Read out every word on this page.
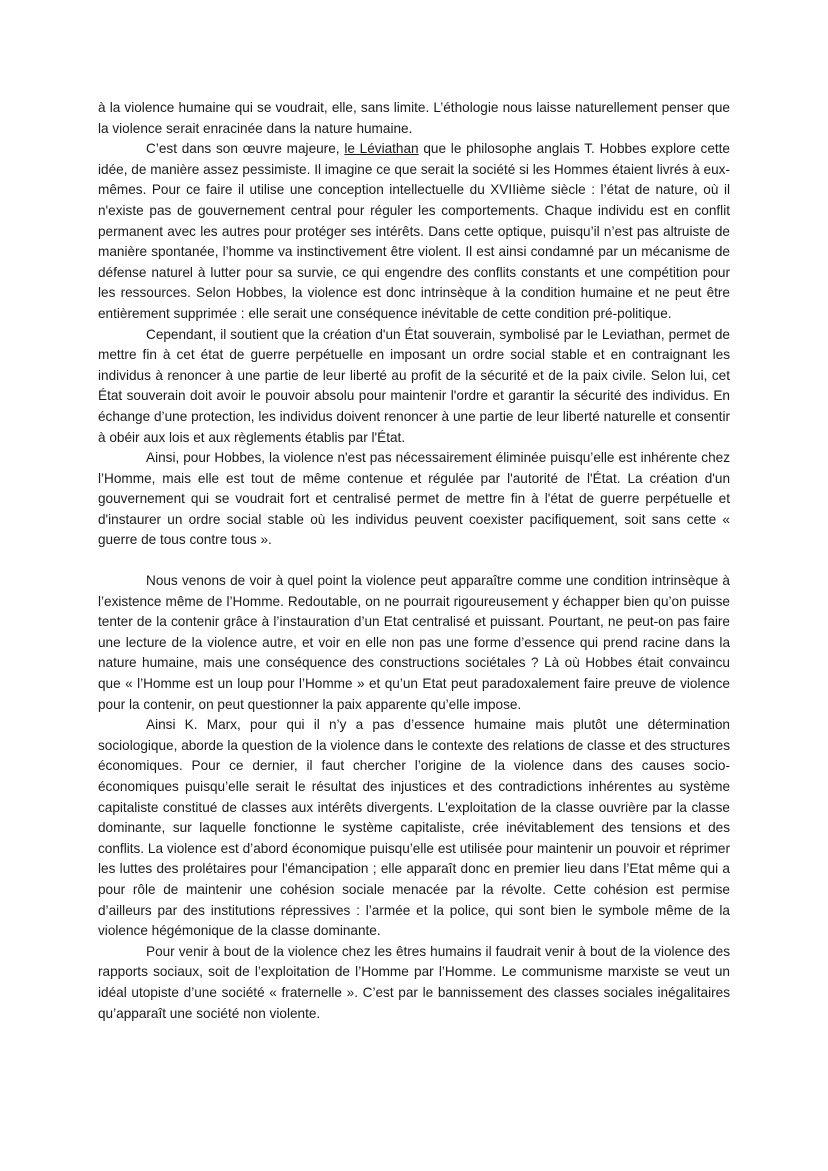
à la violence humaine qui se voudrait, elle, sans limite. L’éthologie nous laisse naturellement penser que la violence serait enracinée dans la nature humaine.

C’est dans son œuvre majeure, le Léviathan que le philosophe anglais T. Hobbes explore cette idée, de manière assez pessimiste. Il imagine ce que serait la société si les Hommes étaient livrés à eux-mêmes. Pour ce faire il utilise une conception intellectuelle du XVIIième siècle : l’état de nature, où il n'existe pas de gouvernement central pour réguler les comportements. Chaque individu est en conflit permanent avec les autres pour protéger ses intérêts. Dans cette optique, puisqu’il n’est pas altruiste de manière spontanée, l’homme va instinctivement être violent. Il est ainsi condamné par un mécanisme de défense naturel à lutter pour sa survie, ce qui engendre des conflits constants et une compétition pour les ressources. Selon Hobbes, la violence est donc intrinsèque à la condition humaine et ne peut être entièrement supprimée : elle serait une conséquence inévitable de cette condition pré-politique.

Cependant, il soutient que la création d'un État souverain, symbolisé par le Leviathan, permet de mettre fin à cet état de guerre perpétuelle en imposant un ordre social stable et en contraignant les individus à renoncer à une partie de leur liberté au profit de la sécurité et de la paix civile. Selon lui, cet État souverain doit avoir le pouvoir absolu pour maintenir l'ordre et garantir la sécurité des individus. En échange d’une protection, les individus doivent renoncer à une partie de leur liberté naturelle et consentir à obéir aux lois et aux règlements établis par l'État.

Ainsi, pour Hobbes, la violence n'est pas nécessairement éliminée puisqu’elle est inhérente chez l’Homme, mais elle est tout de même contenue et régulée par l'autorité de l'État. La création d'un gouvernement qui se voudrait fort et centralisé permet de mettre fin à l'état de guerre perpétuelle et d'instaurer un ordre social stable où les individus peuvent coexister pacifiquement, soit sans cette « guerre de tous contre tous ».

Nous venons de voir à quel point la violence peut apparaître comme une condition intrinsèque à l’existence même de l’Homme. Redoutable, on ne pourrait rigoureusement y échapper bien qu’on puisse tenter de la contenir grâce à l’instauration d’un Etat centralisé et puissant. Pourtant, ne peut-on pas faire une lecture de la violence autre, et voir en elle non pas une forme d’essence qui prend racine dans la nature humaine, mais une conséquence des constructions sociétales ? Là où Hobbes était convaincu que « l’Homme est un loup pour l’Homme » et qu’un Etat peut paradoxalement faire preuve de violence pour la contenir, on peut questionner la paix apparente qu’elle impose.

Ainsi K. Marx, pour qui il n’y a pas d’essence humaine mais plutôt une détermination sociologique, aborde la question de la violence dans le contexte des relations de classe et des structures économiques. Pour ce dernier, il faut chercher l’origine de la violence dans des causes socio-économiques puisqu’elle serait le résultat des injustices et des contradictions inhérentes au système capitaliste constitué de classes aux intérêts divergents. L'exploitation de la classe ouvrière par la classe dominante, sur laquelle fonctionne le système capitaliste, crée inévitablement des tensions et des conflits. La violence est d’abord économique puisqu’elle est utilisée pour maintenir un pouvoir et réprimer les luttes des prolétaires pour l'émancipation ; elle apparaît donc en premier lieu dans l’Etat même qui a pour rôle de maintenir une cohésion sociale menacée par la révolte. Cette cohésion est permise d’ailleurs par des institutions répressives : l’armée et la police, qui sont bien le symbole même de la violence hégémonique de la classe dominante.

Pour venir à bout de la violence chez les êtres humains il faudrait venir à bout de la violence des rapports sociaux, soit de l’exploitation de l’Homme par l’Homme. Le communisme marxiste se veut un idéal utopiste d’une société « fraternelle ». C’est par le bannissement des classes sociales inégalitaires qu’apparaît une société non violente.
